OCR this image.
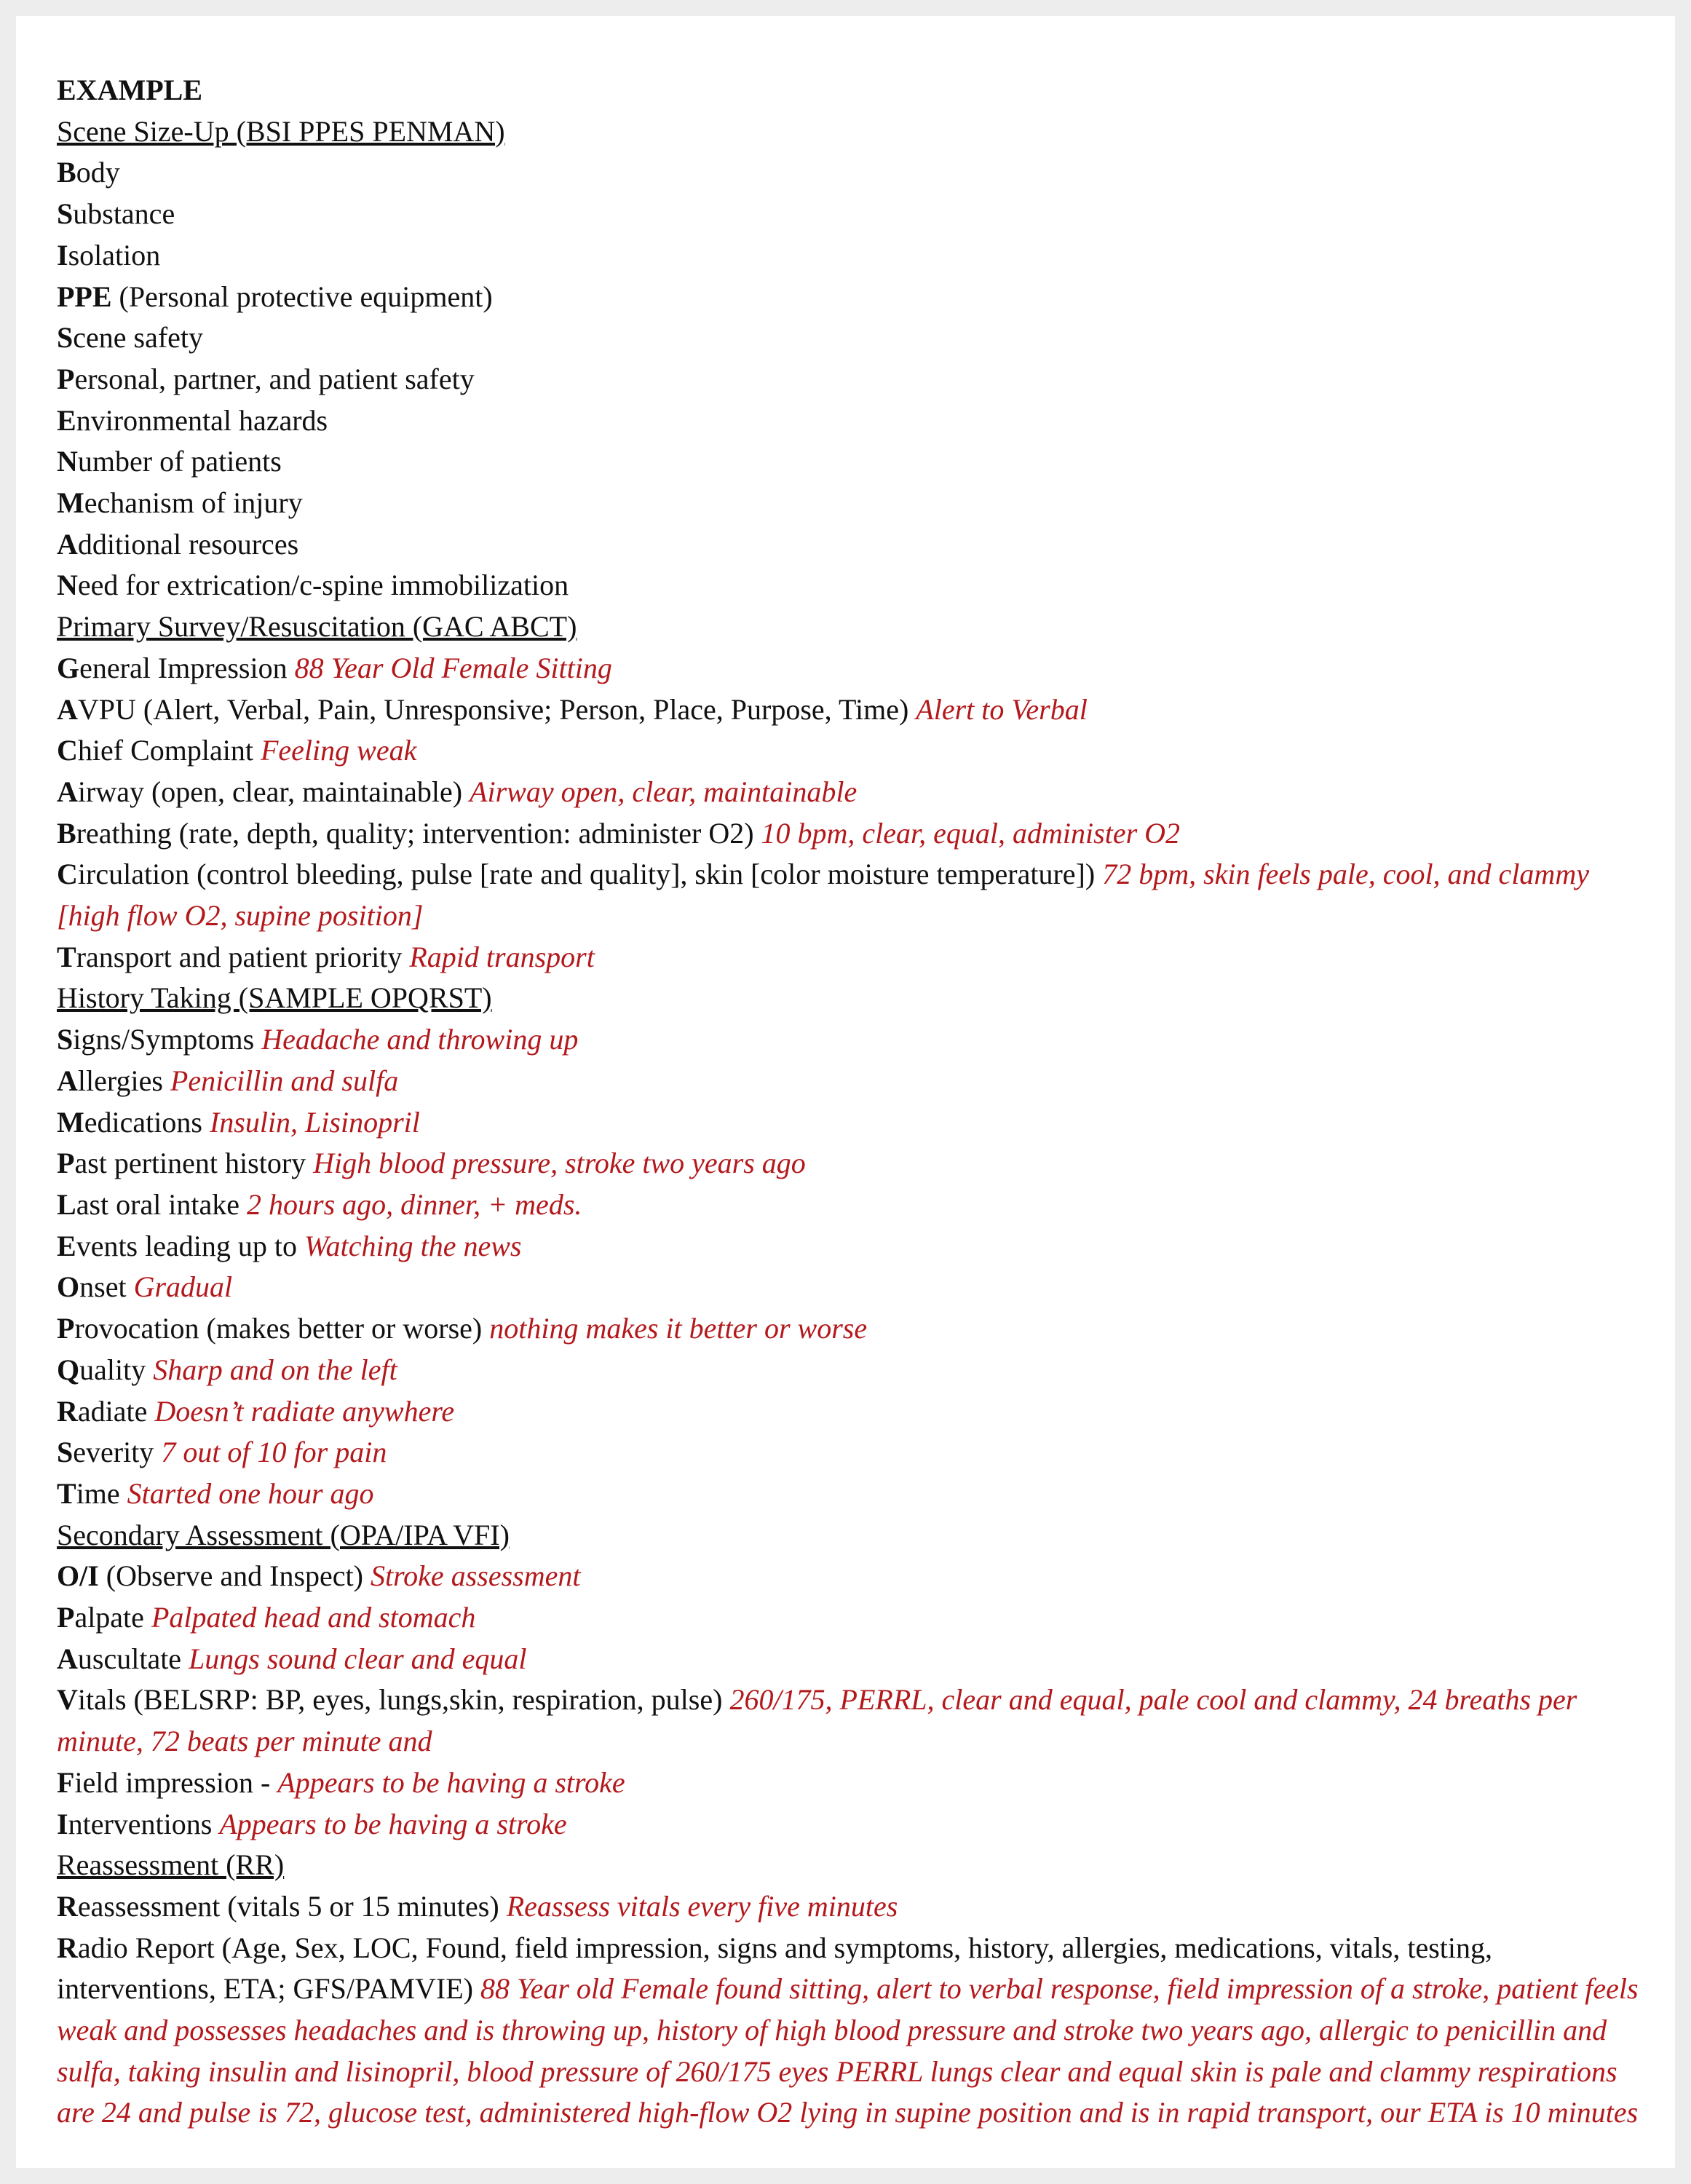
EXAMPLE

Scene Size-Up (BSI PPES PENMAN)

Body

Substance

Isolation

PPE (Personal protective equipment)

Scene safety

Personal, partner, and patient safety

Environmental hazards

Number of patients

Mechanism of injury

Additional resources

Need for extrication/c-spine immobilization

Primary Survey/Resuscitation (GAC ABCT)

General Impression 88 Year Old Female Sitting

AVPU (Alert, Verbal, Pain, Unresponsive; Person, Place, Purpose, Time) Alert to Verbal

Chief Complaint Feeling weak

Airway (open, clear, maintainable) Airway open, clear, maintainable

Breathing (rate, depth, quality; intervention: administer O2) 10 bpm, clear, equal, administer O2

Circulation (control bleeding, pulse [rate and quality], skin [color moisture temperature]) 72 bpm, skin feels pale, cool, and clammy [high flow O2, supine position]

Transport and patient priority Rapid transport

History Taking (SAMPLE OPQRST)

Signs/Symptoms Headache and throwing up

Allergies Penicillin and sulfa

Medications Insulin, Lisinopril

Past pertinent history High blood pressure, stroke two years ago

Last oral intake 2 hours ago, dinner, + meds.

Events leading up to Watching the news

Onset Gradual

Provocation (makes better or worse) nothing makes it better or worse

Quality Sharp and on the left

Radiate Doesn’t radiate anywhere

Severity 7 out of 10 for pain

Time Started one hour ago

Secondary Assessment (OPA/IPA VFI)

O/I (Observe and Inspect) Stroke assessment

Palpate Palpated head and stomach

Auscultate Lungs sound clear and equal

Vitals (BELSRP: BP, eyes, lungs,skin, respiration, pulse) 260/175, PERRL, clear and equal, pale cool and clammy, 24 breaths per minute, 72 beats per minute and

Field impression - Appears to be having a stroke

Interventions Appears to be having a stroke

Reassessment (RR)

Reassessment (vitals 5 or 15 minutes) Reassess vitals every five minutes

Radio Report (Age, Sex, LOC, Found, field impression, signs and symptoms, history, allergies, medications, vitals, testing, interventions, ETA; GFS/PAMVIE) 88 Year old Female found sitting, alert to verbal response, field impression of a stroke, patient feels weak and possesses headaches and is throwing up, history of high blood pressure and stroke two years ago, allergic to penicillin and sulfa, taking insulin and lisinopril, blood pressure of 260/175 eyes PERRL lungs clear and equal skin is pale and clammy respirations are 24 and pulse is 72, glucose test, administered high-flow O2 lying in supine position and is in rapid transport, our ETA is 10 minutes
